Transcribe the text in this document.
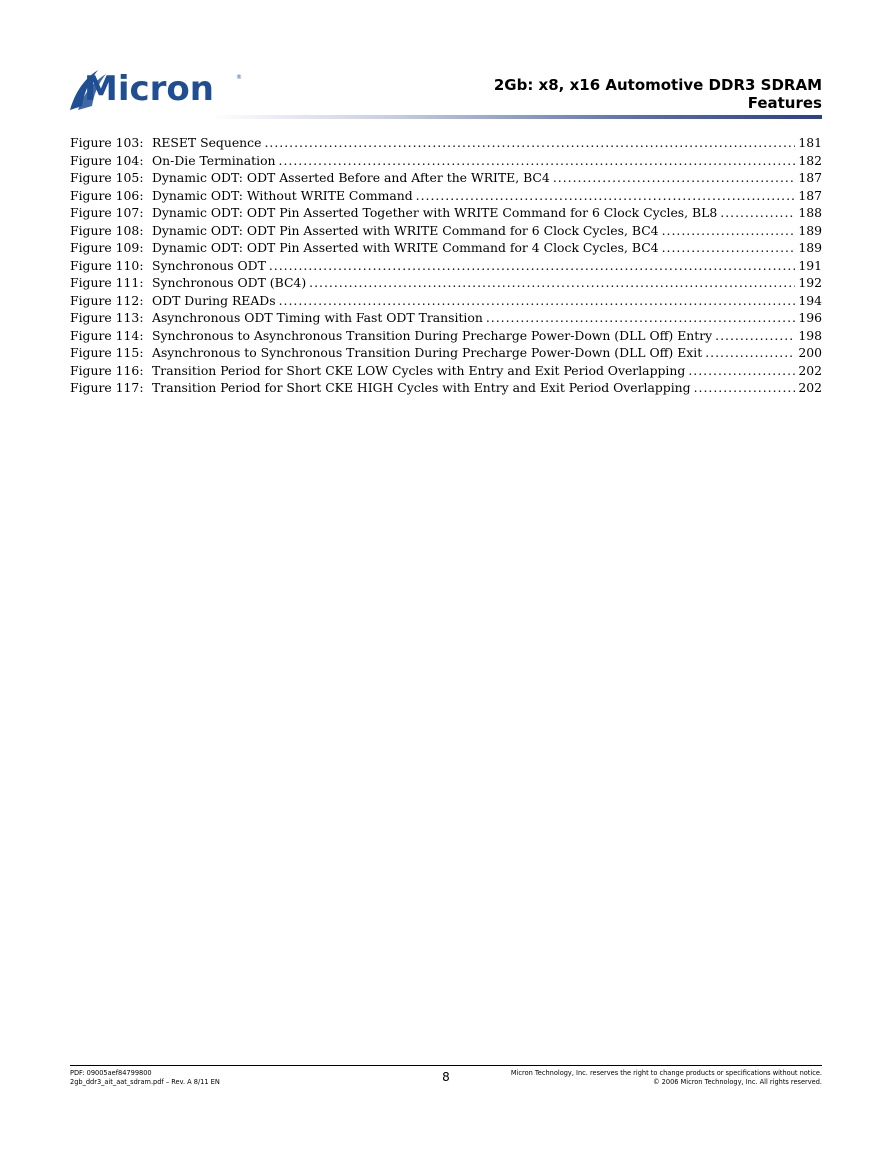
Micron	®	2Gb: x8, x16 Automotive DDR3 SDRAM
Features
Figure 103: RESET Sequence .....	181
Figure 104: On-Die Termination .....	182
Figure 105: Dynamic ODT: ODT Asserted Before and After the WRITE, BC4 .....	187
Figure 106: Dynamic ODT: Without WRITE Command .....	187
Figure 107: Dynamic ODT: ODT Pin Asserted Together with WRITE Command for 6 Clock Cycles, BL8 .....	188
Figure 108: Dynamic ODT: ODT Pin Asserted with WRITE Command for 6 Clock Cycles, BC4 .....	189
Figure 109: Dynamic ODT: ODT Pin Asserted with WRITE Command for 4 Clock Cycles, BC4 .....	189
Figure 110: Synchronous ODT .....	191
Figure 111: Synchronous ODT (BC4) .....	192
Figure 112: ODT During READs .....	194
Figure 113: Asynchronous ODT Timing with Fast ODT Transition .....	196
Figure 114: Synchronous to Asynchronous Transition During Precharge Power-Down (DLL Off) Entry .....	198
Figure 115: Asynchronous to Synchronous Transition During Precharge Power-Down (DLL Off) Exit .....	200
Figure 116: Transition Period for Short CKE LOW Cycles with Entry and Exit Period Overlapping .....	202
Figure 117: Transition Period for Short CKE HIGH Cycles with Entry and Exit Period Overlapping .....	202
PDF: 09005aef84799800
2gb_ddr3_ait_aat_sdram.pdf – Rev. A 8/11 EN	8	Micron Technology, Inc. reserves the right to change products or specifications without notice.
© 2006 Micron Technology, Inc. All rights reserved.
